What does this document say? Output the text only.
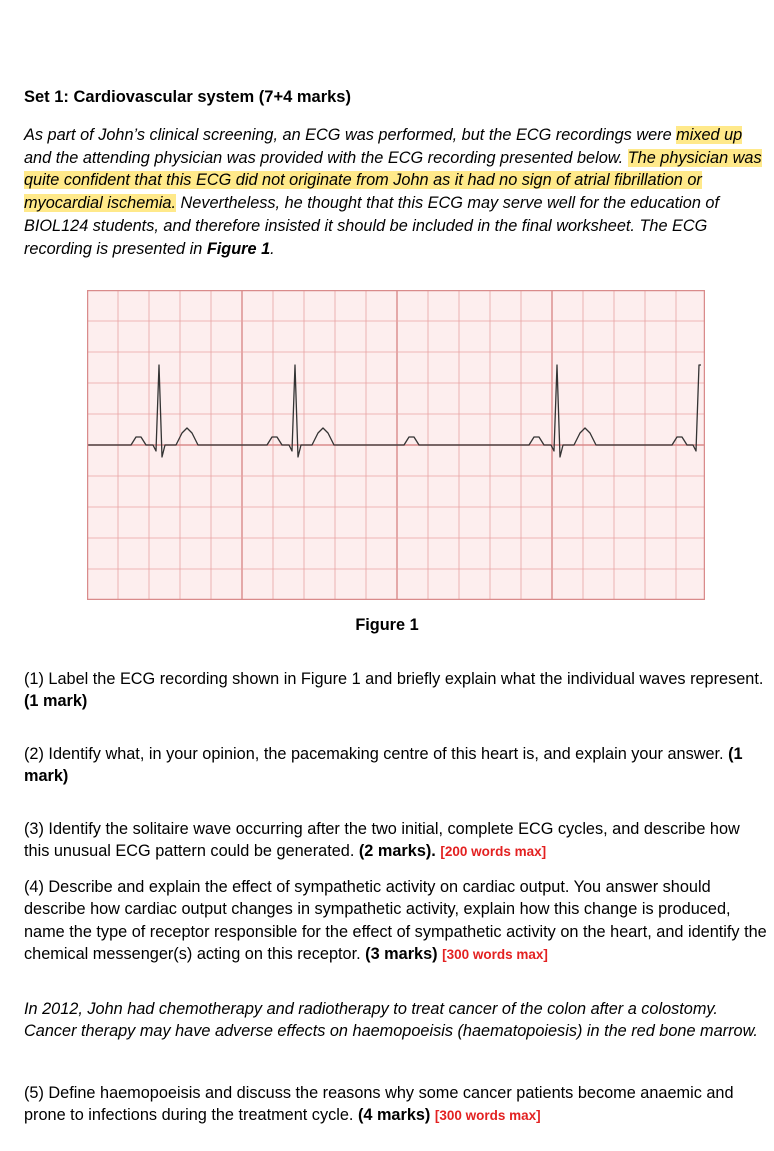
Set 1: Cardiovascular system (7+4 marks)

As part of John’s clinical screening, an ECG was performed, but the ECG recordings were mixed up and the attending physician was provided with the ECG recording presented below. The physician was quite confident that this ECG did not originate from John as it had no sign of atrial fibrillation or myocardial ischemia. Nevertheless, he thought that this ECG may serve well for the education of BIOL124 students, and therefore insisted it should be included in the final worksheet. The ECG recording is presented in Figure 1.

Figure 1

(1) Label the ECG recording shown in Figure 1 and briefly explain what the individual waves represent. (1 mark)

(2) Identify what, in your opinion, the pacemaking centre of this heart is, and explain your answer. (1 mark)

(3) Identify the solitaire wave occurring after the two initial, complete ECG cycles, and describe how this unusual ECG pattern could be generated. (2 marks). [200 words max]

(4) Describe and explain the effect of sympathetic activity on cardiac output. You answer should describe how cardiac output changes in sympathetic activity, explain how this change is produced, name the type of receptor responsible for the effect of sympathetic activity on the heart, and identify the chemical messenger(s) acting on this receptor. (3 marks) [300 words max]

In 2012, John had chemotherapy and radiotherapy to treat cancer of the colon after a colostomy. Cancer therapy may have adverse effects on haemopoeisis (haematopoiesis) in the red bone marrow.

(5) Define haemopoeisis and discuss the reasons why some cancer patients become anaemic and prone to infections during the treatment cycle. (4 marks) [300 words max]
